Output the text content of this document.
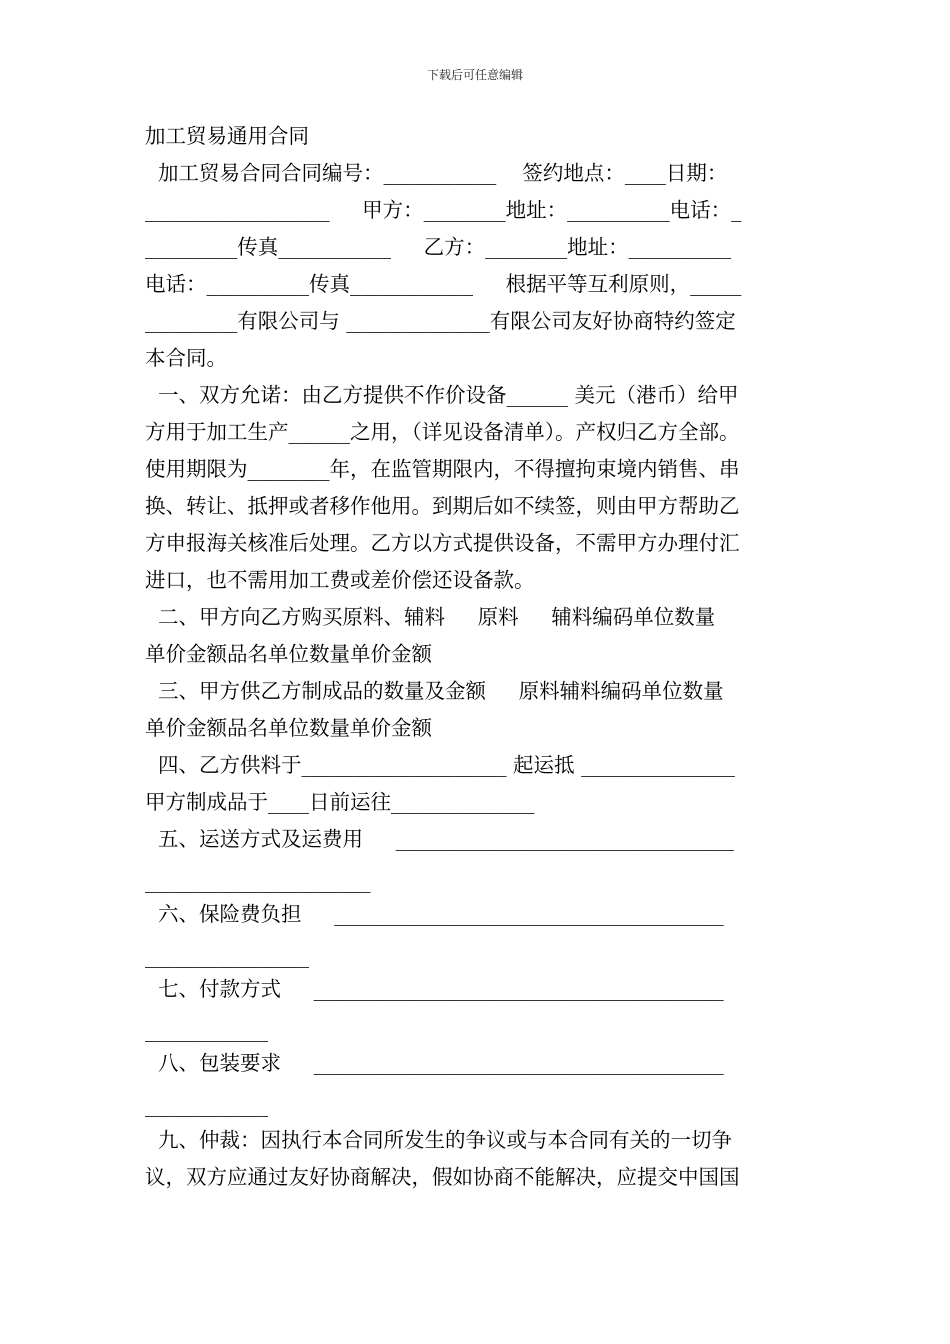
下载后可任意编辑
加工贸易通用合同
加工贸易合同合同编号：___________    签约地点：____日期：
__________________     甲方：________地址：__________电话：_
_________传真___________     乙方：________地址：__________
电话：__________传真____________     根据平等互利原则，_____
_________有限公司与 ______________有限公司友好协商特约签定
本合同。
一、双方允诺：由乙方提供不作价设备______ 美元（港币）给甲
方用于加工生产______之用，（详见设备清单）。产权归乙方全部。
使用期限为________年，在监管期限内，不得擅拘束境内销售、串
换、转让、抵押或者移作他用。到期后如不续签，则由甲方帮助乙
方申报海关核准后处理。乙方以方式提供设备，不需甲方办理付汇
进口，也不需用加工费或差价偿还设备款。
二、甲方向乙方购买原料、辅料     原料     辅料编码单位数量
单价金额品名单位数量单价金额
三、甲方供乙方制成品的数量及金额     原料辅料编码单位数量
单价金额品名单位数量单价金额
四、乙方供料于____________________ 起运抵 _______________
甲方制成品于____日前运往______________
五、运送方式及运费用     _________________________________
______________________
六、保险费负担     ______________________________________
________________
七、付款方式     ________________________________________
____________
八、包装要求     ________________________________________
____________
九、仲裁：因执行本合同所发生的争议或与本合同有关的一切争
议，双方应通过友好协商解决，假如协商不能解决，应提交中国国
